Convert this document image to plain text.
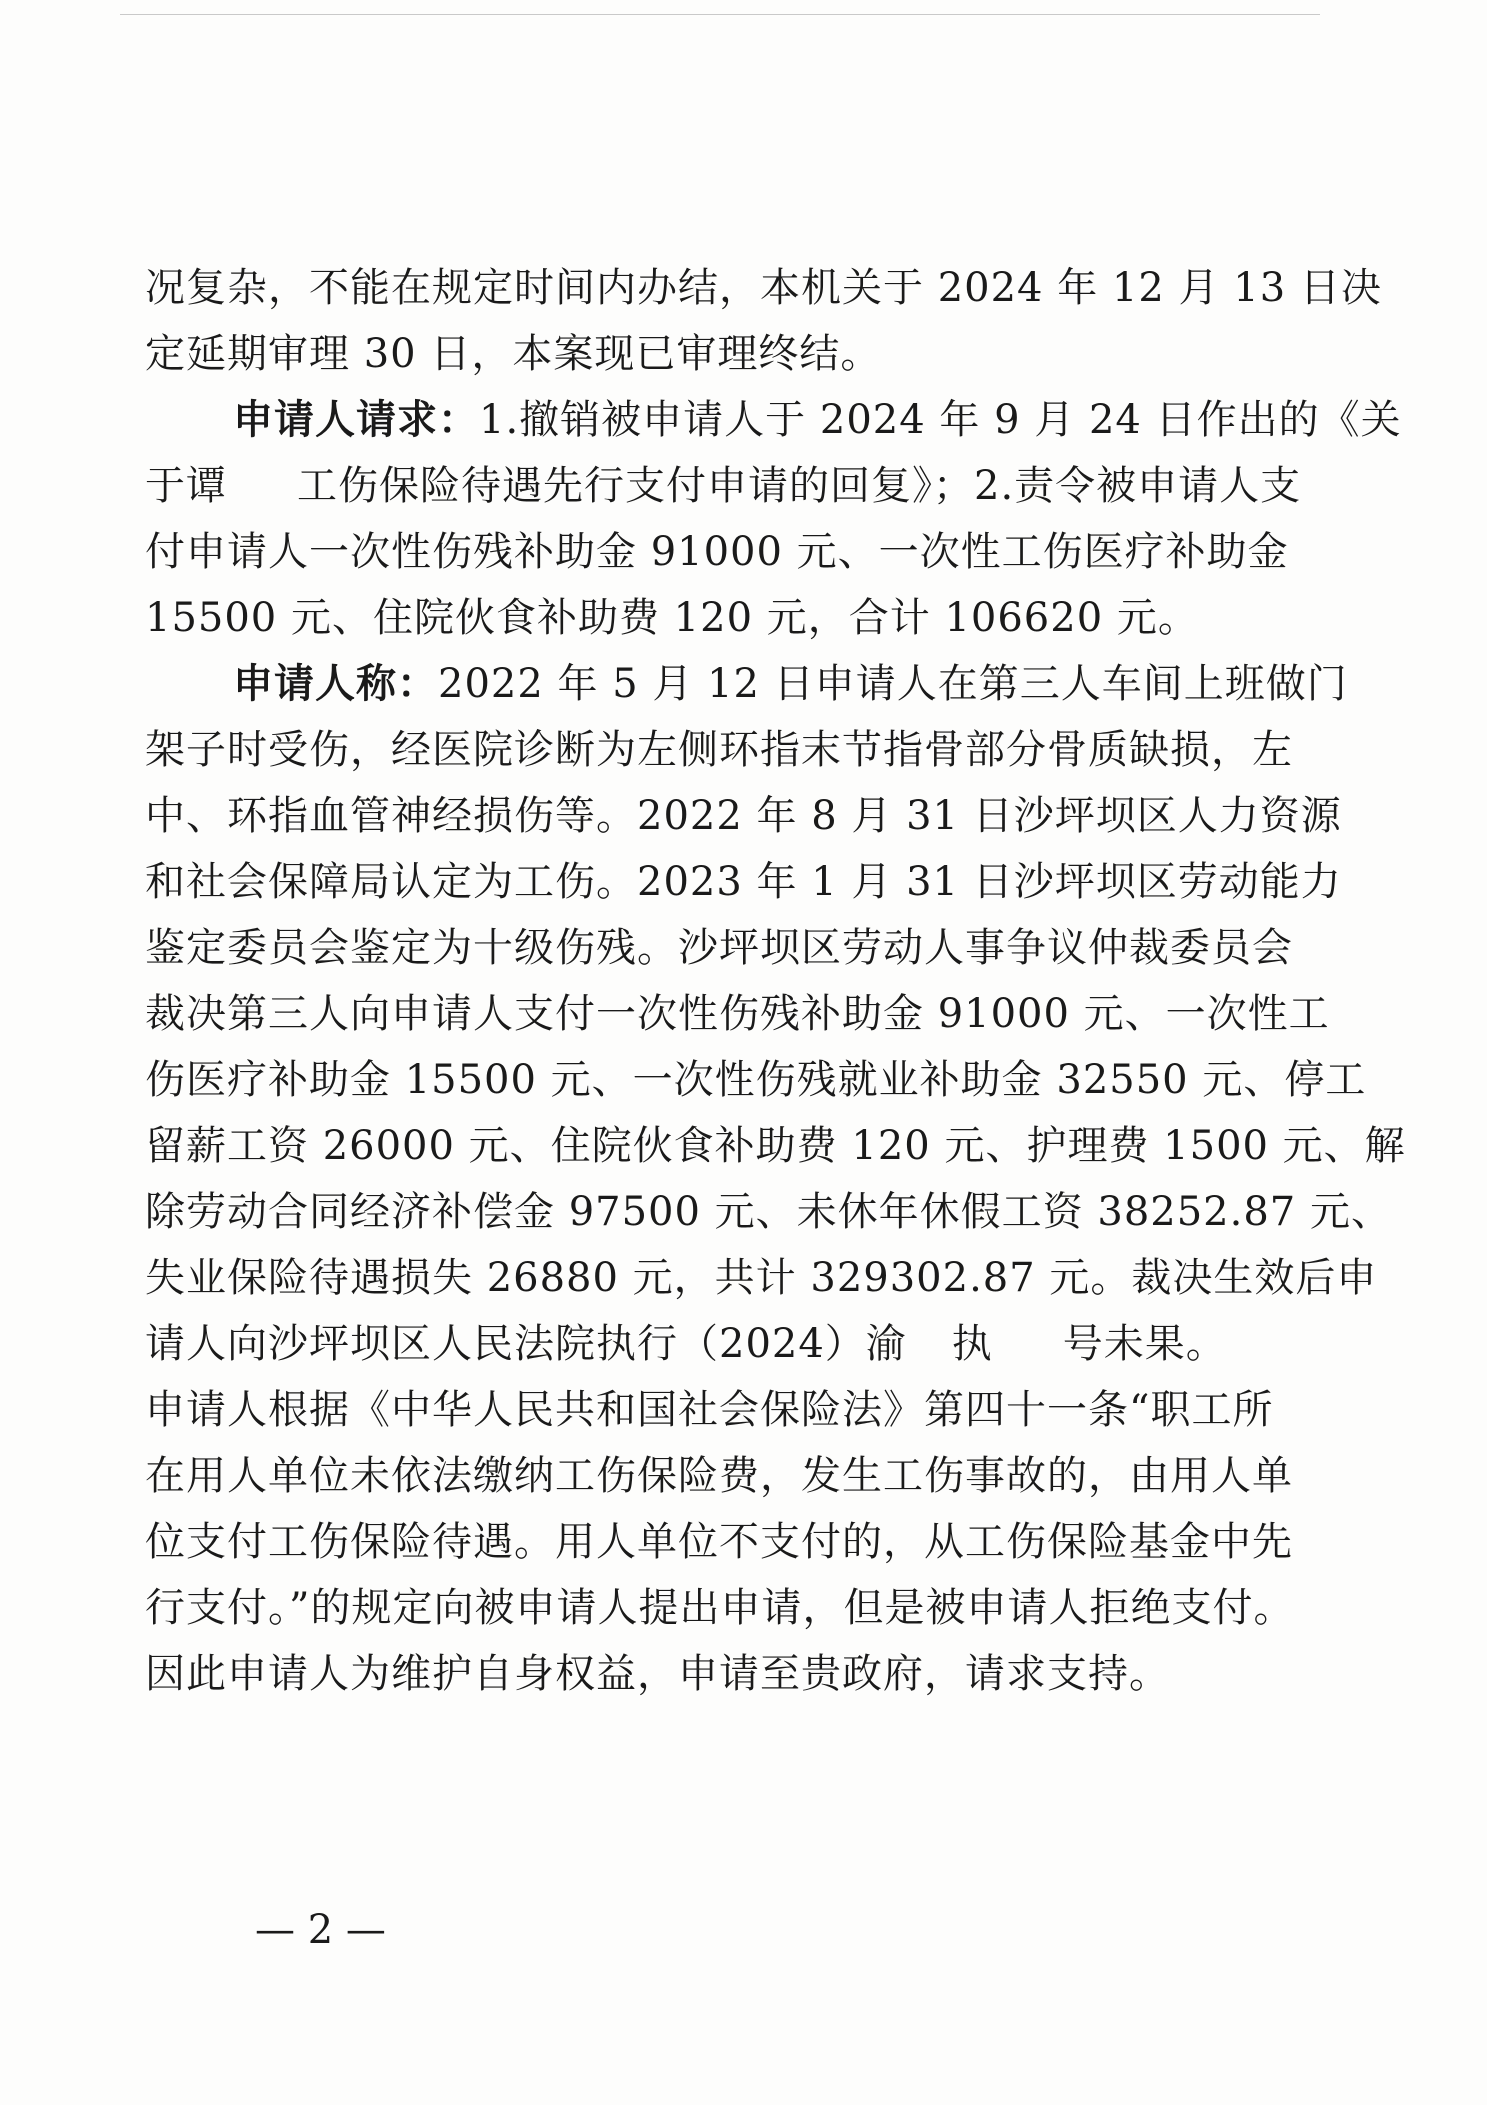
况复杂，不能在规定时间内办结，本机关于 2024 年 12 月 13 日决
定延期审理 30 日，本案现已审理终结。
申请人请求：1.撤销被申请人于 2024 年 9 月 24 日作出的《关
于谭 工伤保险待遇先行支付申请的回复》；2.责令被申请人支
付申请人一次性伤残补助金 91000 元、一次性工伤医疗补助金
15500 元、住院伙食补助费 120 元，合计 106620 元。
申请人称：2022 年 5 月 12 日申请人在第三人车间上班做门
架子时受伤，经医院诊断为左侧环指末节指骨部分骨质缺损，左
中、环指血管神经损伤等。2022 年 8 月 31 日沙坪坝区人力资源
和社会保障局认定为工伤。2023 年 1 月 31 日沙坪坝区劳动能力
鉴定委员会鉴定为十级伤残。沙坪坝区劳动人事争议仲裁委员会
裁决第三人向申请人支付一次性伤残补助金 91000 元、一次性工
伤医疗补助金 15500 元、一次性伤残就业补助金 32550 元、停工
留薪工资 26000 元、住院伙食补助费 120 元、护理费 1500 元、解
除劳动合同经济补偿金 97500 元、未休年休假工资 38252.87 元、
失业保险待遇损失 26880 元，共计 329302.87 元。裁决生效后申
请人向沙坪坝区人民法院执行（2024）渝 执 号未果。
申请人根据《中华人民共和国社会保险法》第四十一条“职工所
在用人单位未依法缴纳工伤保险费，发生工伤事故的，由用人单
位支付工伤保险待遇。用人单位不支付的，从工伤保险基金中先
行支付。”的规定向被申请人提出申请，但是被申请人拒绝支付。
因此申请人为维护自身权益，申请至贵政府，请求支持。
— 2 —
